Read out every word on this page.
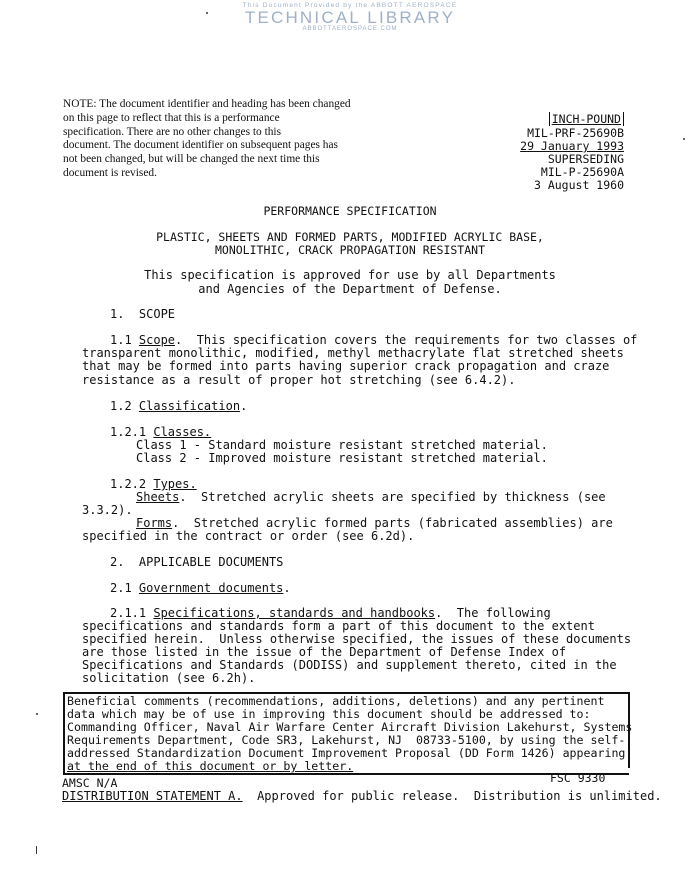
This Document Provided by the ABBOTT AEROSPACE
TECHNICAL LIBRARY
ABBOTTAEROSPACE.COM
NOTE: The document identifier and heading has been changed
on this page to reflect that this is a performance
specification. There are no other changes to this
document. The document identifier on subsequent pages has
not been changed, but will be changed the next time this
document is revised.
INCH-POUND
MIL-PRF-25690B
29 January 1993
SUPERSEDING
MIL-P-25690A
3 August 1960
PERFORMANCE SPECIFICATION
PLASTIC, SHEETS AND FORMED PARTS, MODIFIED ACRYLIC BASE,
MONOLITHIC, CRACK PROPAGATION RESISTANT
This specification is approved for use by all Departments
and Agencies of the Department of Defense.
1.  SCOPE
1.1 Scope.  This specification covers the requirements for two classes of
transparent monolithic, modified, methyl methacrylate flat stretched sheets
that may be formed into parts having superior crack propagation and craze
resistance as a result of proper hot stretching (see 6.4.2).
1.2 Classification.
1.2.1 Classes.
Class 1 - Standard moisture resistant stretched material.
Class 2 - Improved moisture resistant stretched material.
1.2.2 Types.
Sheets.  Stretched acrylic sheets are specified by thickness (see
3.3.2).
Forms.  Stretched acrylic formed parts (fabricated assemblies) are
specified in the contract or order (see 6.2d).
2.  APPLICABLE DOCUMENTS
2.1 Government documents.
2.1.1 Specifications, standards and handbooks.  The following
specifications and standards form a part of this document to the extent
specified herein.  Unless otherwise specified, the issues of these documents
are those listed in the issue of the Department of Defense Index of
Specifications and Standards (DODISS) and supplement thereto, cited in the
solicitation (see 6.2h).
Beneficial comments (recommendations, additions, deletions) and any pertinent
data which may be of use in improving this document should be addressed to:
Commanding Officer, Naval Air Warfare Center Aircraft Division Lakehurst, Systems
Requirements Department, Code SR3, Lakehurst, NJ  08733-5100, by using the self-
addressed Standardization Document Improvement Proposal (DD Form 1426) appearing
at the end of this document or by letter.
AMSC N/A	FSC 9330
DISTRIBUTION STATEMENT A.  Approved for public release.  Distribution is unlimited.
